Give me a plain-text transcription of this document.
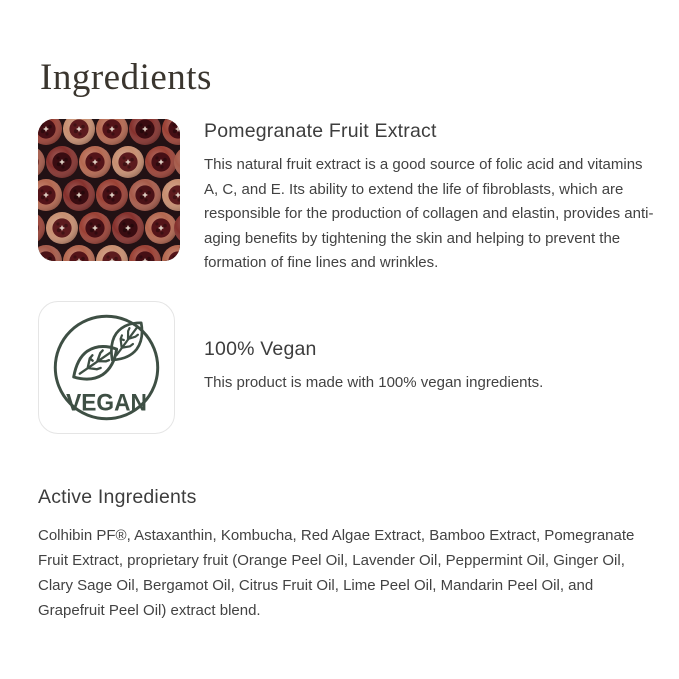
Ingredients
Pomegranate Fruit Extract

This natural fruit extract is a good source of folic acid and vitamins A, C, and E. Its ability to extend the life of fibroblasts, which are responsible for the production of collagen and elastin, provides anti-aging benefits by tightening the skin and helping to prevent the formation of fine lines and wrinkles.

VEGAN
100% Vegan

This product is made with 100% vegan ingredients.

Active Ingredients

Colhibin PF®, Astaxanthin, Kombucha, Red Algae Extract, Bamboo Extract, Pomegranate Fruit Extract, proprietary fruit (Orange Peel Oil, Lavender Oil, Peppermint Oil, Ginger Oil, Clary Sage Oil, Bergamot Oil, Citrus Fruit Oil, Lime Peel Oil, Mandarin Peel Oil, and Grapefruit Peel Oil) extract blend.
